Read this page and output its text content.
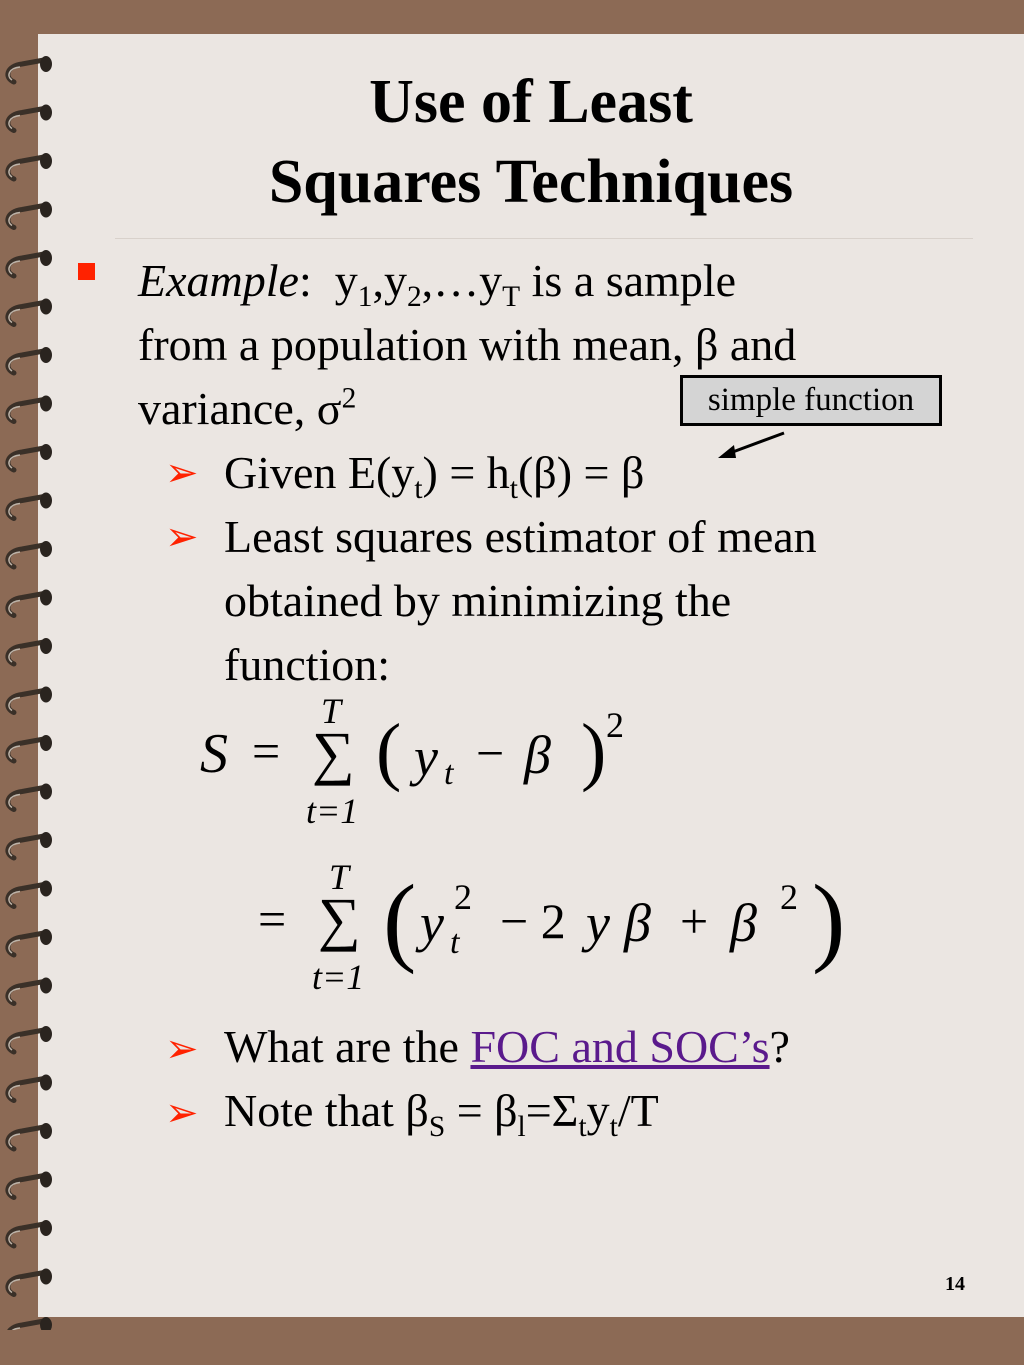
Use of Least
Squares Techniques
Example: $y_1,y_2,\dots y_T$ is a sample
from a population with mean, β and
variance, $\sigma^2$	simple function
➢ Given $E(y_t) = h_t(\beta) = \beta$
➢ Least squares estimator of mean
obtained by minimizing the
function:
S =
T
∑
t=1
( y t − β ) 2
=
T
∑
t=1
( y 2
t − 2 y β + β 2 )
➢ What are the FOC and SOC’s?
➢ Note that $\beta_S = \beta_l=\Sigma_ty_t/T$
14
